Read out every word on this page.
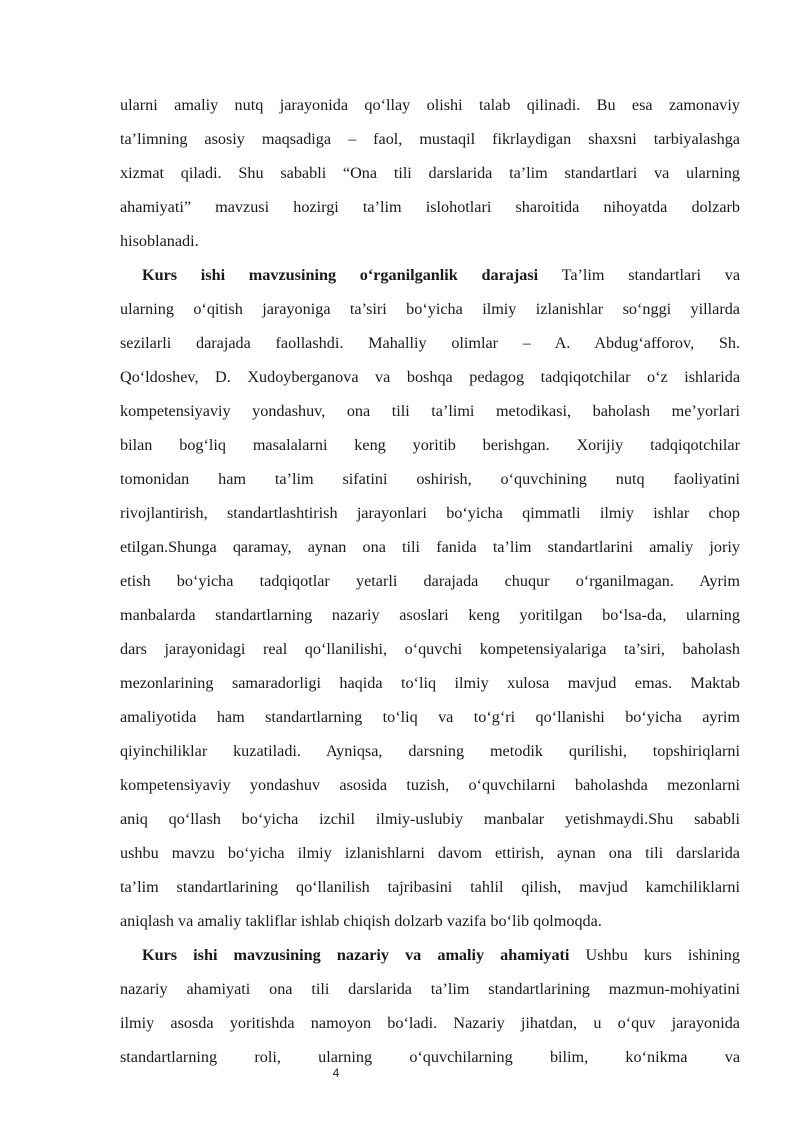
ularni amaliy nutq jarayonida qo‘llay olishi talab qilinadi. Bu esa zamonaviy
ta’limning asosiy maqsadiga – faol, mustaqil fikrlaydigan shaxsni tarbiyalashga
xizmat qiladi. Shu sababli “Ona tili darslarida ta’lim standartlari va ularning
ahamiyati” mavzusi hozirgi ta’lim islohotlari sharoitida nihoyatda dolzarb
hisoblanadi.
Kurs ishi mavzusining o‘rganilganlik darajasi Ta’lim standartlari va
ularning o‘qitish jarayoniga ta’siri bo‘yicha ilmiy izlanishlar so‘nggi yillarda
sezilarli darajada faollashdi. Mahalliy olimlar – A. Abdug‘afforov, Sh.
Qo‘ldoshev, D. Xudoyberganova va boshqa pedagog tadqiqotchilar o‘z ishlarida
kompetensiyaviy yondashuv, ona tili ta’limi metodikasi, baholash me’yorlari
bilan bog‘liq masalalarni keng yoritib berishgan. Xorijiy tadqiqotchilar
tomonidan ham ta’lim sifatini oshirish, o‘quvchining nutq faoliyatini
rivojlantirish, standartlashtirish jarayonlari bo‘yicha qimmatli ilmiy ishlar chop
etilgan.Shunga qaramay, aynan ona tili fanida ta’lim standartlarini amaliy joriy
etish bo‘yicha tadqiqotlar yetarli darajada chuqur o‘rganilmagan. Ayrim
manbalarda standartlarning nazariy asoslari keng yoritilgan bo‘lsa-da, ularning
dars jarayonidagi real qo‘llanilishi, o‘quvchi kompetensiyalariga ta’siri, baholash
mezonlarining samaradorligi haqida to‘liq ilmiy xulosa mavjud emas. Maktab
amaliyotida ham standartlarning to‘liq va to‘g‘ri qo‘llanishi bo‘yicha ayrim
qiyinchiliklar kuzatiladi. Ayniqsa, darsning metodik qurilishi, topshiriqlarni
kompetensiyaviy yondashuv asosida tuzish, o‘quvchilarni baholashda mezonlarni
aniq qo‘llash bo‘yicha izchil ilmiy-uslubiy manbalar yetishmaydi.Shu sababli
ushbu mavzu bo‘yicha ilmiy izlanishlarni davom ettirish, aynan ona tili darslarida
ta’lim standartlarining qo‘llanilish tajribasini tahlil qilish, mavjud kamchiliklarni
aniqlash va amaliy takliflar ishlab chiqish dolzarb vazifa bo‘lib qolmoqda.
Kurs ishi mavzusining nazariy va amaliy ahamiyati Ushbu kurs ishining
nazariy ahamiyati ona tili darslarida ta’lim standartlarining mazmun-mohiyatini
ilmiy asosda yoritishda namoyon bo‘ladi. Nazariy jihatdan, u o‘quv jarayonida
standartlarning roli, ularning o‘quvchilarning bilim, ko‘nikma va
4
